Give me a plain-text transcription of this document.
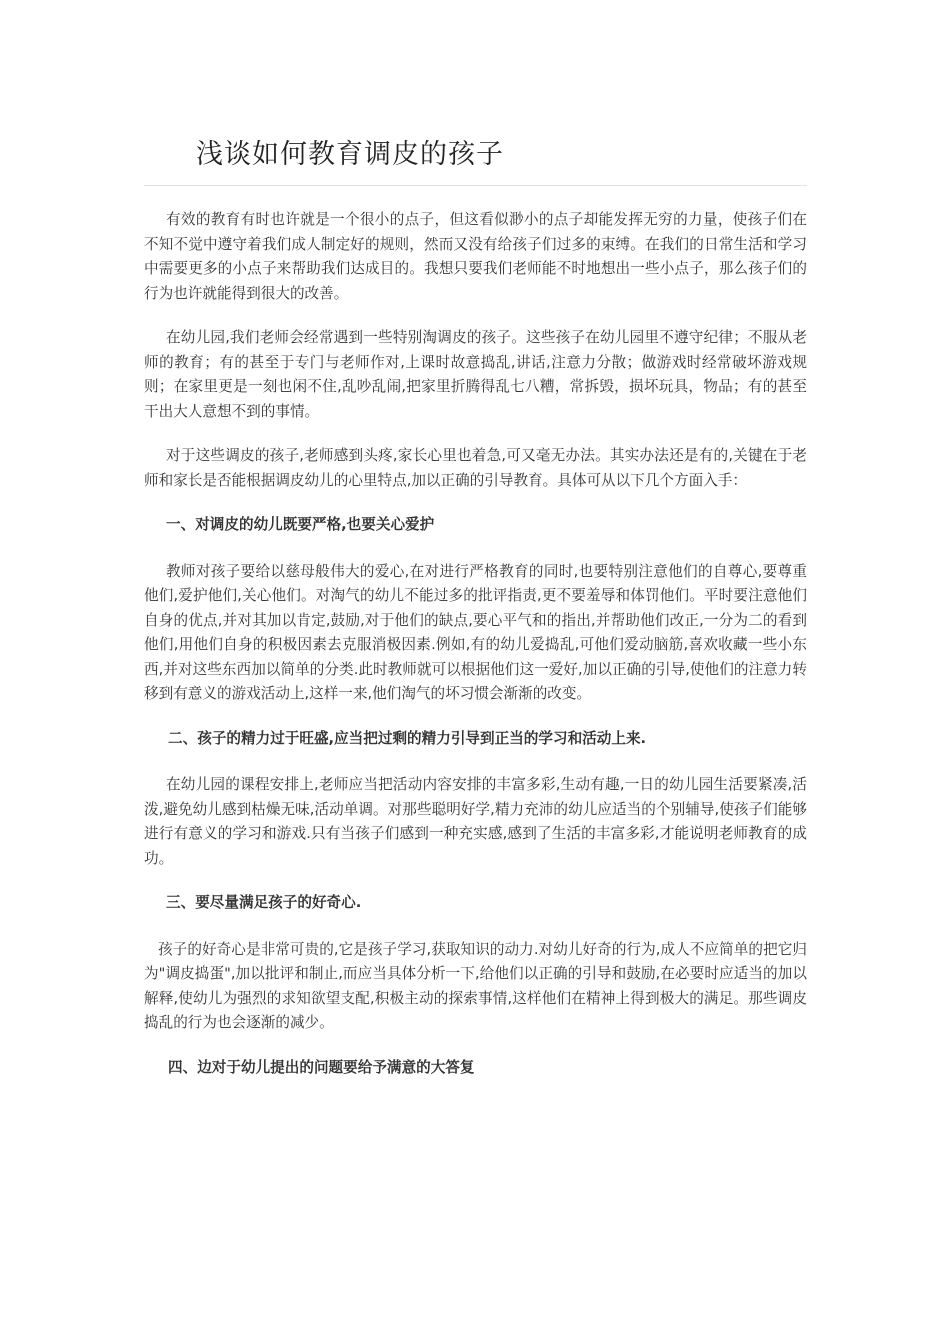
浅谈如何教育调皮的孩子

有效的教育有时也许就是一个很小的点子，但这看似渺小的点子却能发挥无穷的力量，使孩子们在不知不觉中遵守着我们成人制定好的规则，然而又没有给孩子们过多的束缚。在我们的日常生活和学习中需要更多的小点子来帮助我们达成目的。我想只要我们老师能不时地想出一些小点子，那么孩子们的行为也许就能得到很大的改善。

在幼儿园,我们老师会经常遇到一些特别淘调皮的孩子。这些孩子在幼儿园里不遵守纪律；不服从老师的教育；有的甚至于专门与老师作对,上课时故意捣乱,讲话,注意力分散；做游戏时经常破坏游戏规则；在家里更是一刻也闲不住,乱吵乱闹,把家里折腾得乱七八糟，常拆毁，损坏玩具，物品；有的甚至干出大人意想不到的事情。

对于这些调皮的孩子,老师感到头疼,家长心里也着急,可又毫无办法。其实办法还是有的,关键在于老师和家长是否能根据调皮幼儿的心里特点,加以正确的引导教育。具体可从以下几个方面入手：

一、对调皮的幼儿既要严格,也要关心爱护

教师对孩子要给以慈母般伟大的爱心,在对进行严格教育的同时,也要特别注意他们的自尊心,要尊重他们,爱护他们,关心他们。对淘气的幼儿不能过多的批评指责,更不要羞辱和体罚他们。平时要注意他们自身的优点,并对其加以肯定,鼓励,对于他们的缺点,要心平气和的指出,并帮助他们改正,一分为二的看到他们,用他们自身的积极因素去克服消极因素.例如,有的幼儿爱捣乱,可他们爱动脑筋,喜欢收藏一些小东西,并对这些东西加以简单的分类.此时教师就可以根据他们这一爱好,加以正确的引导,使他们的注意力转移到有意义的游戏活动上,这样一来,他们淘气的坏习惯会渐渐的改变。

二、孩子的精力过于旺盛,应当把过剩的精力引导到正当的学习和活动上来.

在幼儿园的课程安排上,老师应当把活动内容安排的丰富多彩,生动有趣,一日的幼儿园生活要紧凑,活泼,避免幼儿感到枯燥无味,活动单调。对那些聪明好学,精力充沛的幼儿应适当的个别辅导,使孩子们能够进行有意义的学习和游戏.只有当孩子们感到一种充实感,感到了生活的丰富多彩,才能说明老师教育的成功。

三、要尽量满足孩子的好奇心.

孩子的好奇心是非常可贵的,它是孩子学习,获取知识的动力.对幼儿好奇的行为,成人不应简单的把它归为"调皮捣蛋",加以批评和制止,而应当具体分析一下,给他们以正确的引导和鼓励,在必要时应适当的加以解释,使幼儿为强烈的求知欲望支配,积极主动的探索事情,这样他们在精神上得到极大的满足。那些调皮捣乱的行为也会逐渐的减少。

四、边对于幼儿提出的问题要给予满意的大答复
